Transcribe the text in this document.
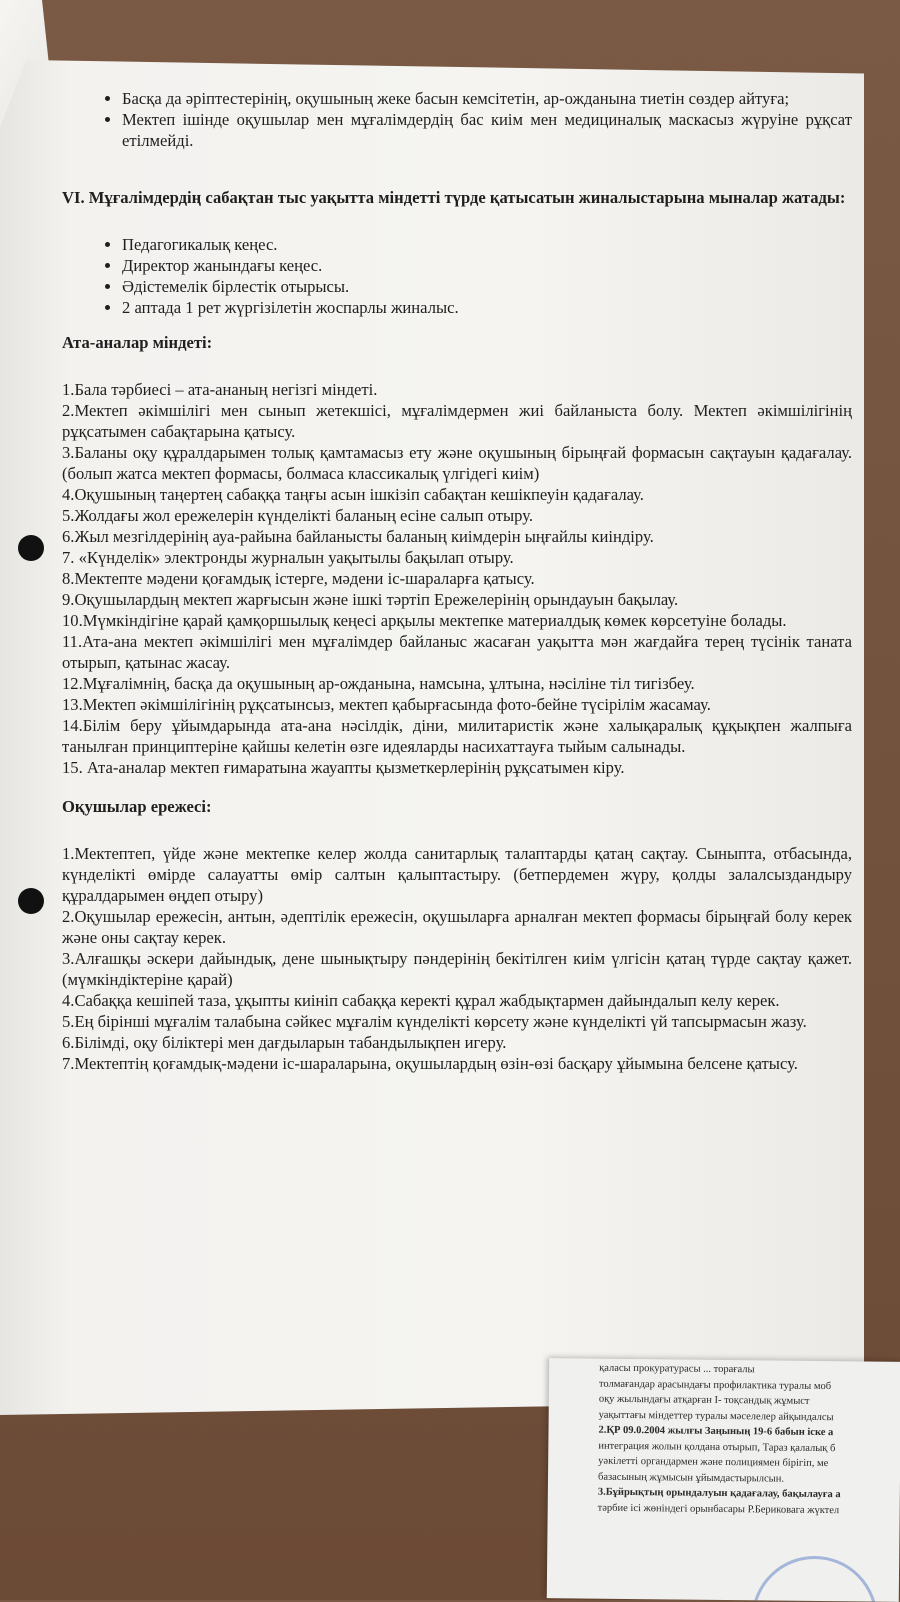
• Басқа да әріптестерінің, оқушының жеке басын кемсітетін, ар-ожданына тиетін сөздер айтуға;
• Мектеп ішінде оқушылар мен мұғалімдердің бас киім мен медициналық маскасыз жүруіне рұқсат етілмейді.

VI. Мұғалімдердің сабақтан тыс уақытта міндетті түрде қатысатын жиналыстарына мыналар жатады:

• Педагогикалық кеңес.
• Директор жанындағы кеңес.
• Әдістемелік бірлестік отырысы.
• 2 аптада 1 рет жүргізілетін жоспарлы жиналыс.

Ата-аналар міндеті:

1.Бала тәрбиесі – ата-ананың негізгі міндеті.

2.Мектеп әкімшілігі мен сынып жетекшісі, мұғалімдермен жиі байланыста болу. Мектеп әкімшілігінің рұқсатымен сабақтарына қатысу.

3.Баланы оқу құралдарымен толық қамтамасыз ету және оқушының бірыңғай формасын сақтауын қадағалау. (болып жатса мектеп формасы, болмаса классикалық үлгідегі киім)

4.Оқушының таңертең сабаққа таңғы асын ішкізіп сабақтан кешікпеуін қадағалау.

5.Жолдағы жол ережелерін күнделікті баланың есіне салып отыру.

6.Жыл мезгілдерінің ауа-райына байланысты баланың киімдерін ыңғайлы киіндіру.

7. «Күнделік» электронды журналын уақытылы бақылап отыру.

8.Мектепте мәдени қоғамдық істерге, мәдени іс-шараларға қатысу.

9.Оқушылардың мектеп жарғысын және ішкі тәртіп Ережелерінің орындауын бақылау.

10.Мүмкіндігіне қарай қамқоршылық кеңесі арқылы мектепке материалдық көмек көрсетуіне болады.

11.Ата-ана мектеп әкімшілігі мен мұғалімдер байланыс жасаған уақытта мән жағдайға терең түсінік таната отырып, қатынас жасау.

12.Мұғалімнің, басқа да оқушының ар-ожданына, намсына, ұлтына, нәсіліне тіл тигізбеу.

13.Мектеп әкімшілігінің рұқсатынсыз, мектеп қабырғасында фото-бейне түсірілім жасамау.

14.Білім беру ұйымдарында ата-ана нәсілдік, діни, милитаристік және халықаралық құқықпен жалпыға танылған принциптеріне қайшы келетін өзге идеяларды насихаттауға тыйым салынады.

15. Ата-аналар мектеп ғимаратына жауапты қызметкерлерінің рұқсатымен кіру.

Оқушылар ережесі:

1.Мектептеп, үйде және мектепке келер жолда санитарлық талаптарды қатаң сақтау. Сыныпта, отбасында, күнделікті өмірде салауатты өмір салтын қалыптастыру. (бетпердемен жүру, қолды залалсыздандыру құралдарымен өңдеп отыру)

2.Оқушылар ережесін, антын, әдептілік ережесін, оқушыларға арналған мектеп формасы бірыңғай болу керек және оны сақтау керек.

3.Алғашқы әскери дайындық, дене шынықтыру пәндерінің бекітілген киім үлгісін қатаң түрде сақтау қажет. (мүмкіндіктеріне қарай)

4.Сабаққа кешіпей таза, ұқыпты киініп сабаққа керекті құрал жабдықтармен дайындалып келу керек.

5.Ең бірінші мұғалім талабына сәйкес мұғалім күнделікті көрсету және күнделікті үй тапсырмасын жазу.

6.Білімді, оқу біліктері мен дағдыларын табандылықпен игеру.

7.Мектептің қоғамдық-мәдени іс-шараларына, оқушылардың өзін-өзі басқару ұйымына белсене қатысу.

қаласы прокуратурасы ... торағалы

толмағандар арасындағы профилактика туралы моб

оқу жылындағы атқарған І- тоқсандық жұмыст

уақыттағы міндеттер туралы мәселелер айқындалсы

2.ҚР 09.0.2004 жылғы Заңының 19-6 бабын іске а

интеграция жолын қолдана отырып, Тараз қалалық б

уәкілетті органдармен және полициямен бірігіп, ме

базасының жұмысын ұйымдастырылсын.

3.Бұйрықтың орындалуын қадағалау, бақылауға а

тәрбие ісі жөніндегі орынбасары Р.Бериковага жүктел
